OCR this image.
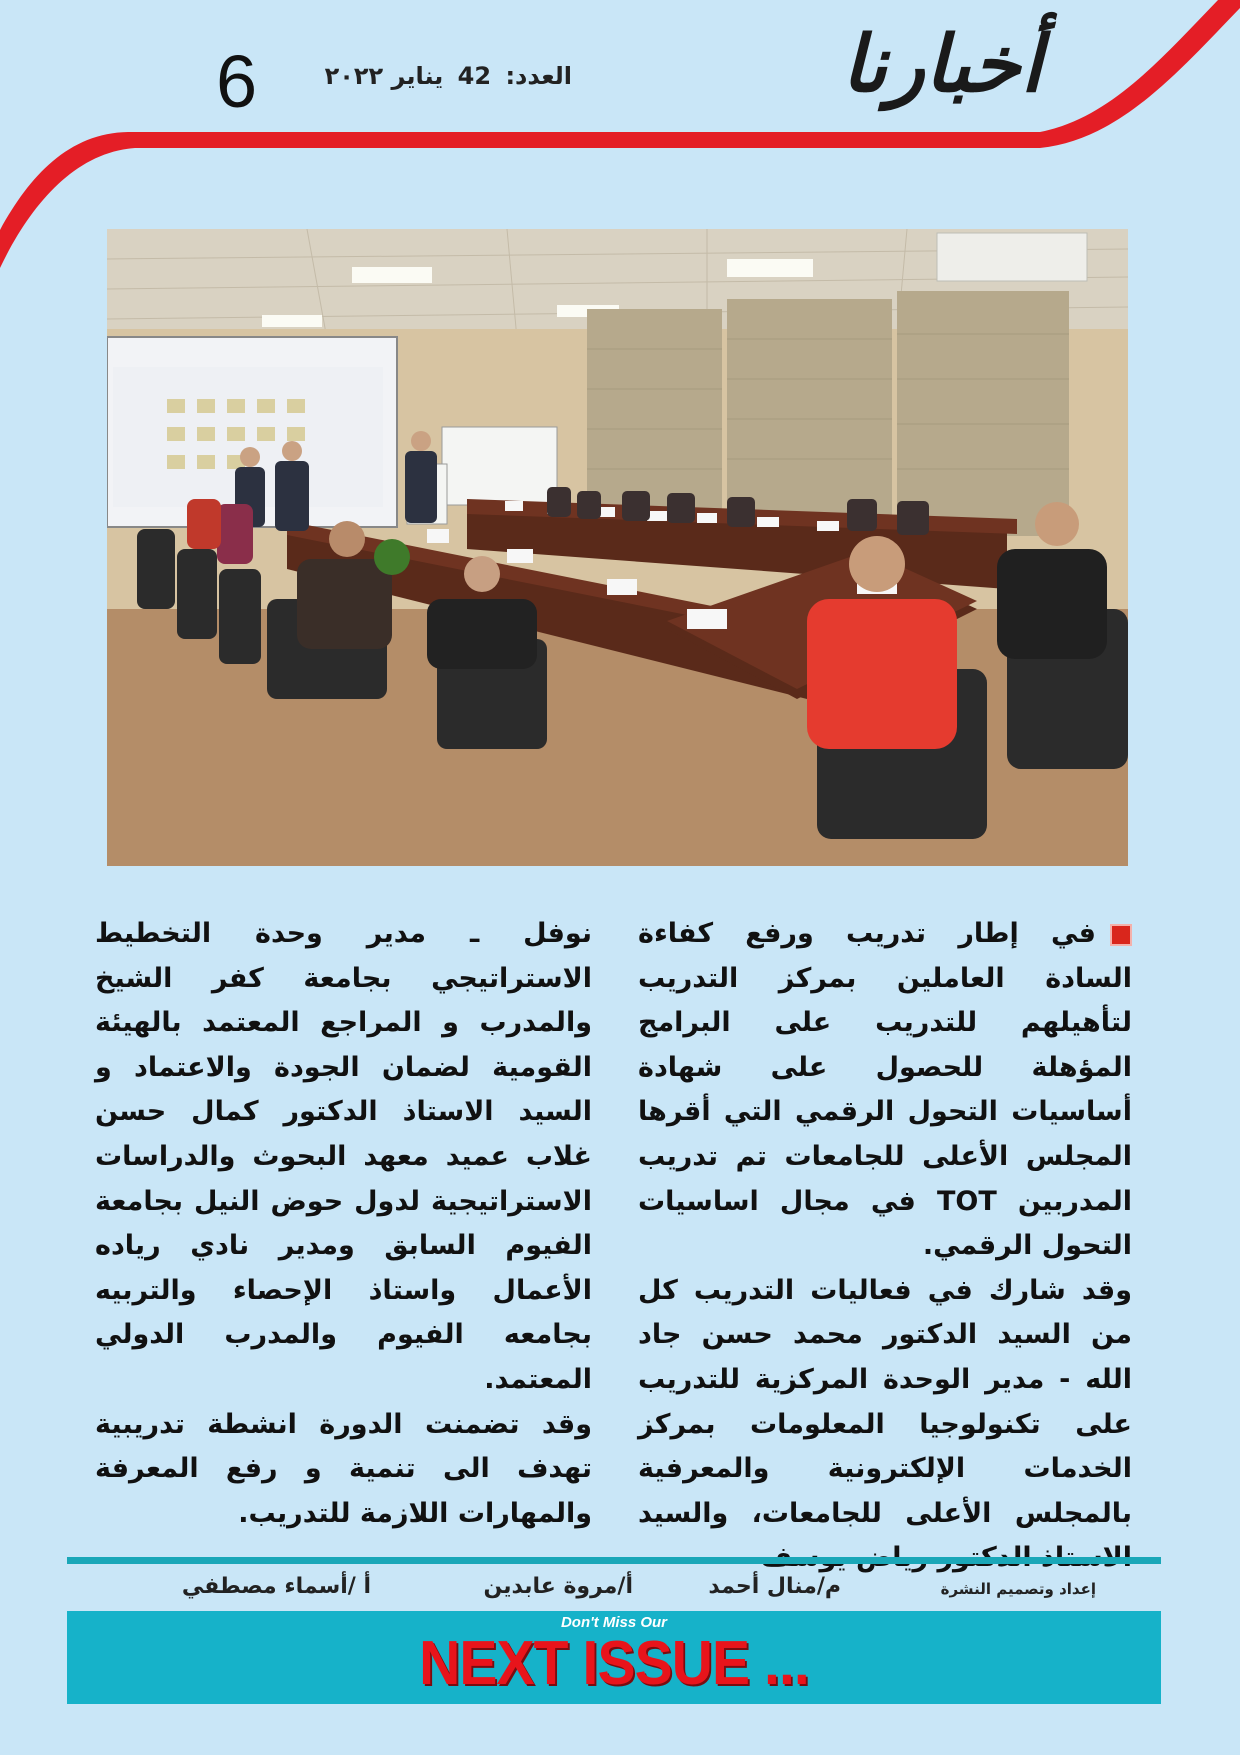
أخبارنا
العدد: 42 يناير ٢٠٢٢
6

في إطار تدريب ورفع كفاءة السادة العاملين بمركز التدريب لتأهيلهم للتدريب على البرامج المؤهلة للحصول على شهادة أساسيات التحول الرقمي التي أقرها المجلس الأعلى للجامعات تم تدريب المدربين TOT في مجال اساسيات التحول الرقمي.

وقد شارك في فعاليات التدريب كل من السيد الدكتور محمد حسن جاد الله - مدير الوحدة المركزية للتدريب على تكنولوجيا المعلومات بمركز الخدمات الإلكترونية والمعرفية بالمجلس الأعلى للجامعات، والسيد

نوفل ـ مدير وحدة التخطيط الاستراتيجي بجامعة كفر الشيخ والمدرب و المراجع المعتمد بالهيئة القومية لضمان الجودة والاعتماد و السيد الاستاذ الدكتور كمال حسن غلاب عميد معهد البحوث والدراسات الاستراتيجية لدول حوض النيل بجامعة الفيوم السابق ومدير نادي رياده الأعمال واستاذ الإحصاء والتربيه بجامعه الفيوم والمدرب الدولي المعتمد.

وقد تضمنت الدورة انشطة تدريبية تهدف الى تنمية و رفع المعرفة والمهارات اللازمة للتدريب.

إعداد وتصميم النشرة
م/منال أحمد
أ/مروة عابدين
أ /أسماء مصطفي
Don't Miss Our
NEXT ISSUE ...
